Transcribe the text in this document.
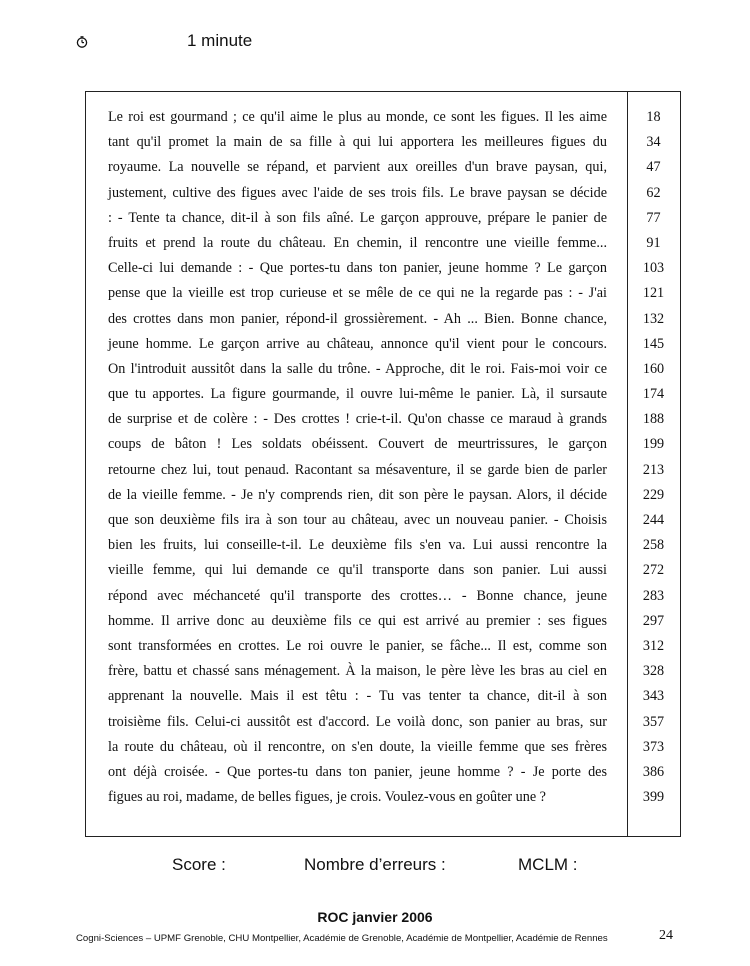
1 minute
Le roi est gourmand ; ce qu'il aime le plus au monde, ce sont les figues. Il les aime
tant qu'il promet la main de sa fille à qui lui apportera les meilleures figues du
royaume. La nouvelle se répand, et parvient aux oreilles d'un brave paysan, qui,
justement, cultive des figues avec l'aide de ses trois fils. Le brave paysan se décide
: - Tente ta chance, dit-il à son fils aîné. Le garçon approuve, prépare le panier de
fruits et prend la route du château. En chemin, il rencontre une vieille femme...
Celle-ci lui demande : - Que portes-tu dans ton panier, jeune homme ? Le garçon
pense que la vieille est trop curieuse et se mêle de ce qui ne la regarde pas : - J'ai
des crottes dans mon panier, répond-il grossièrement. - Ah ... Bien. Bonne chance,
jeune homme. Le garçon arrive au château, annonce qu'il vient pour le concours.
On l'introduit aussitôt dans la salle du trône. - Approche, dit le roi. Fais-moi voir ce
que tu apportes. La figure gourmande, il ouvre lui-même le panier. Là, il sursaute
de surprise et de colère : - Des crottes ! crie-t-il. Qu'on chasse ce maraud à grands
coups de bâton ! Les soldats obéissent. Couvert de meurtrissures, le garçon
retourne chez lui, tout penaud. Racontant sa mésaventure, il se garde bien de parler
de la vieille femme. - Je n'y comprends rien, dit son père le paysan. Alors, il décide
que son deuxième fils ira à son tour au château, avec un nouveau panier. - Choisis
bien les fruits, lui conseille-t-il. Le deuxième fils s'en va. Lui aussi rencontre la
vieille femme, qui lui demande ce qu'il transporte dans son panier. Lui aussi
répond avec méchanceté qu'il transporte des crottes… - Bonne chance, jeune
homme. Il arrive donc au deuxième fils ce qui est arrivé au premier : ses figues
sont transformées en crottes. Le roi ouvre le panier, se fâche... Il est, comme son
frère, battu et chassé sans ménagement. À la maison, le père lève les bras au ciel en
apprenant la nouvelle. Mais il est têtu : - Tu vas tenter ta chance, dit-il à son
troisième fils. Celui-ci aussitôt est d'accord. Le voilà donc, son panier au bras, sur
la route du château, où il rencontre, on s'en doute, la vieille femme que ses frères
ont déjà croisée. - Que portes-tu dans ton panier, jeune homme ? - Je porte des
figues au roi, madame, de belles figues, je crois. Voulez-vous en goûter une ?
18
34
47
62
77
91
103
121
132
145
160
174
188
199
213
229
244
258
272
283
297
312
328
343
357
373
386
399
Score :	Nombre d’erreurs :	MCLM :
ROC janvier 2006
Cogni-Sciences – UPMF Grenoble, CHU Montpellier, Académie de Grenoble, Académie de Montpellier, Académie de Rennes	24
